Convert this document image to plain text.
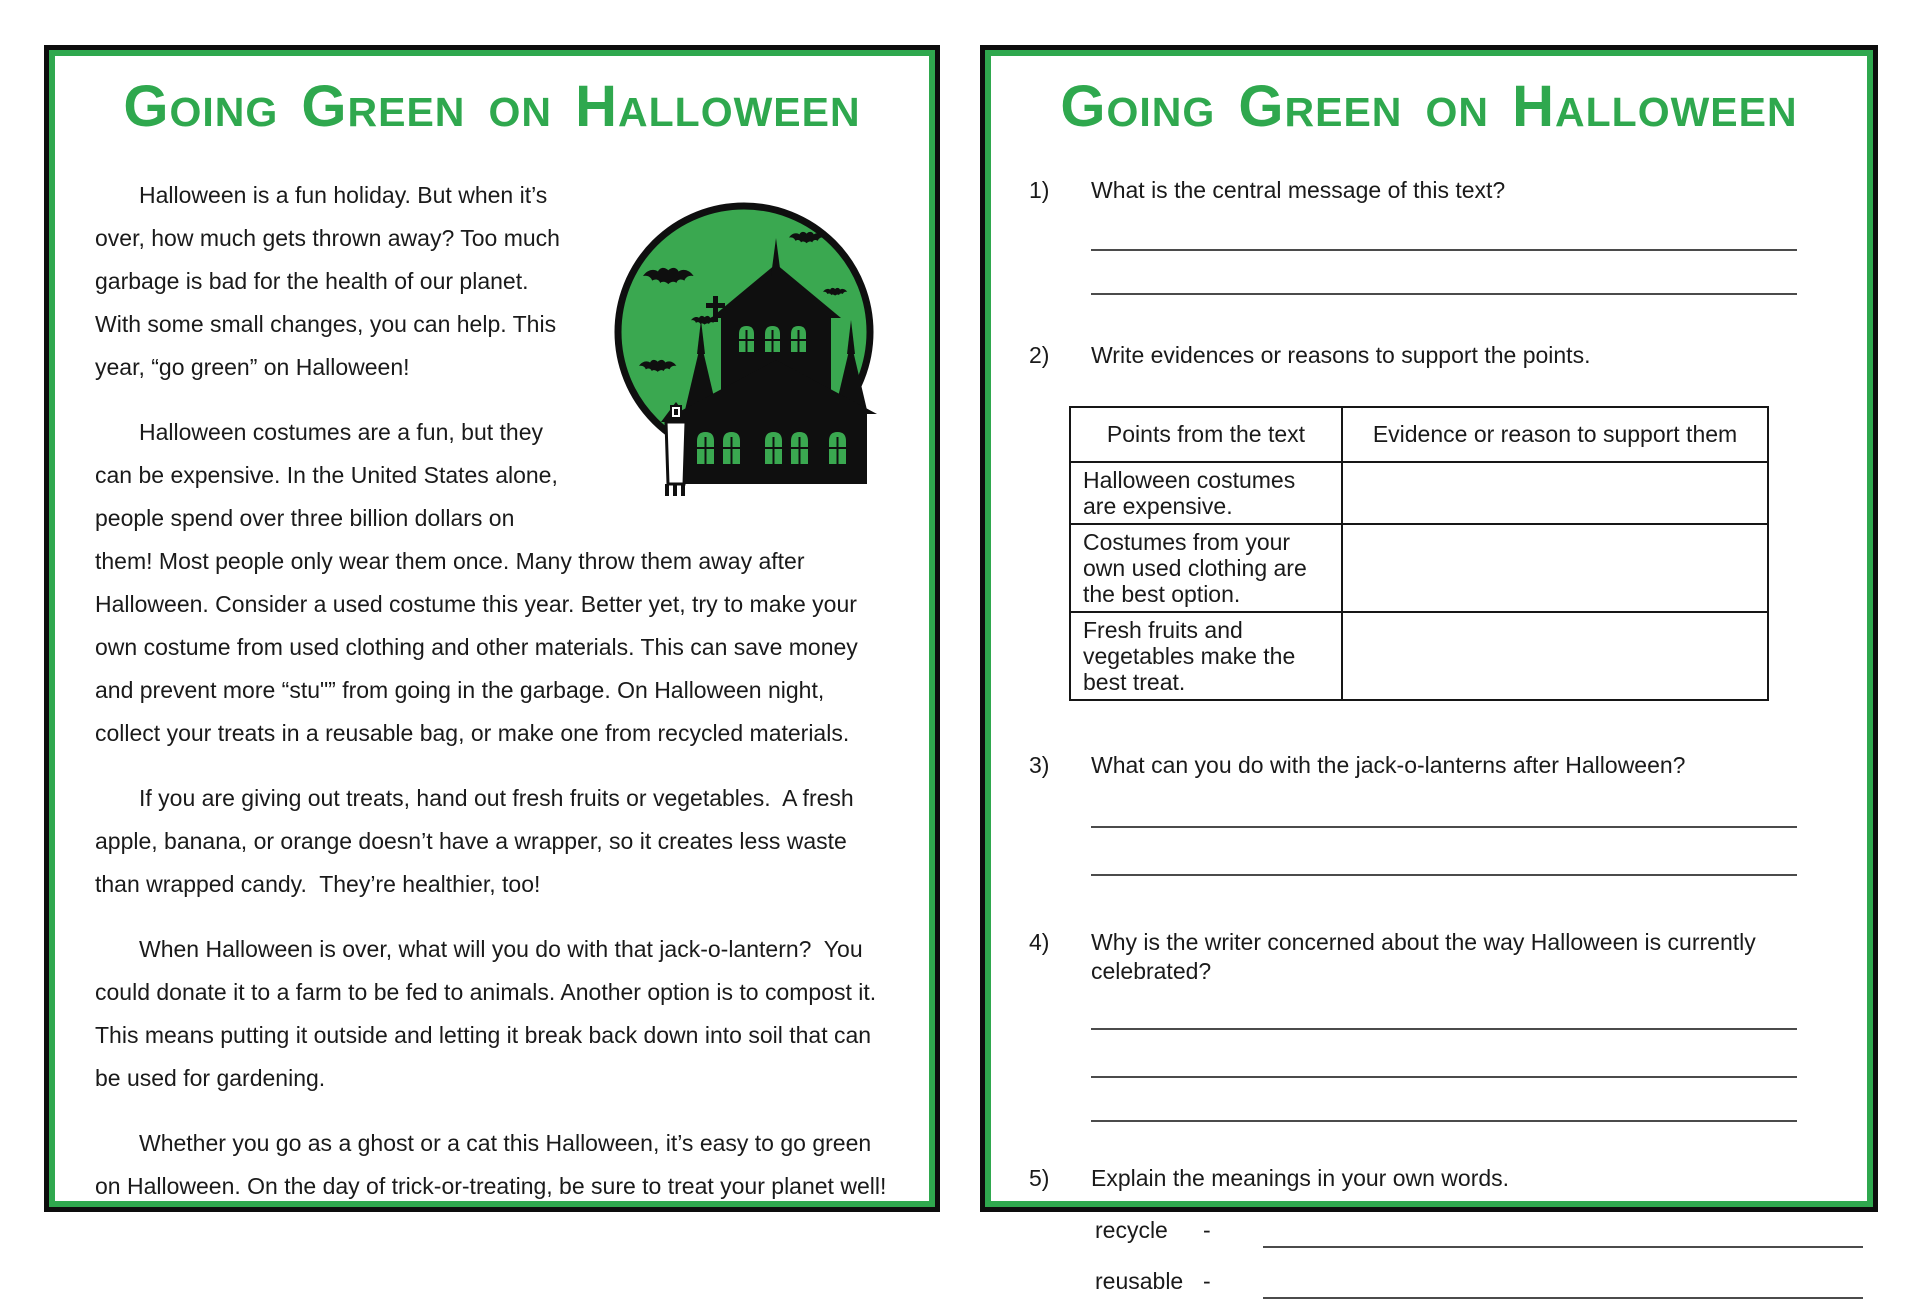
Going Green on Halloween

Halloween is a fun holiday. But when it’s over, how much gets thrown away? Too much garbage is bad for the health of our planet. With some small changes, you can help. This year, “go green” on Halloween!

Halloween costumes are a fun, but they can be expensive. In the United States alone, people spend over three billion dollars on them! Most people only wear them once. Many throw them away after Halloween. Consider a used costume this year. Better yet, try to make your own costume from used clothing and other materials. This can save money and prevent more “stu"” from going in the garbage. On Halloween night, collect your treats in a reusable bag, or make one from recycled materials.

If you are giving out treats, hand out fresh fruits or vegetables.  A fresh apple, banana, or orange doesn’t have a wrapper, so it creates less waste than wrapped candy.  They’re healthier, too!

When Halloween is over, what will you do with that jack-o-lantern?  You could donate it to a farm to be fed to animals. Another option is to compost it.  This means putting it outside and letting it break back down into soil that can be used for gardening.

Whether you go as a ghost or a cat this Halloween, it’s easy to go green on Halloween. On the day of trick-or-treating, be sure to treat your planet well!

Going Green on Halloween
1)	What is the central message of this text?
2)	Write evidences or reasons to support the points.
Points from the text	Evidence or reason to support them
Halloween costumes are expensive.	
Costumes from your own used clothing are the best option.	
Fresh fruits and vegetables make the best treat.	
3)	What can you do with the jack-o-lanterns after Halloween?
4)	Why is the writer concerned about the way Halloween is currently celebrated?
5)	Explain the meanings in your own words.
recycle	-
reusable -
